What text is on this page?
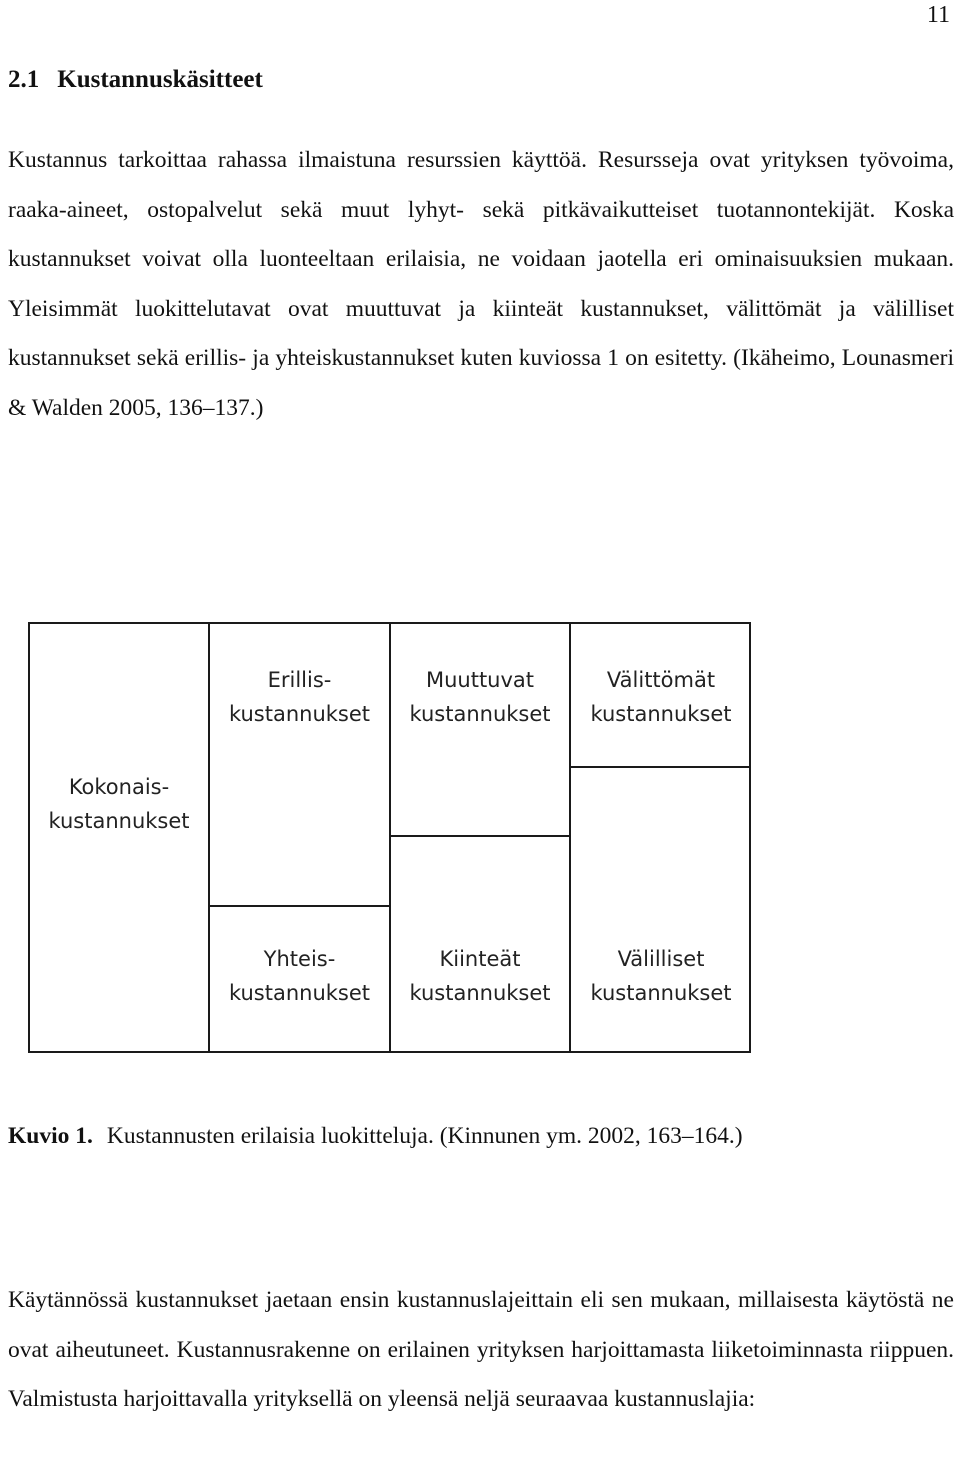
11
2.1 Kustannuskäsitteet

Kustannus tarkoittaa rahassa ilmaistuna resurssien käyttöä. Resursseja ovat yrityksen työvoima, raaka-aineet, ostopalvelut sekä muut lyhyt- sekä pitkävaikutteiset tuotannontekijät. Koska kustannukset voivat olla luonteeltaan erilaisia, ne voidaan jaotella eri ominaisuuksien mukaan. Yleisimmät luokittelutavat ovat muuttuvat ja kiinteät kustannukset, välittömät ja välilliset kustannukset sekä erillis- ja yhteiskustannukset kuten kuviossa 1 on esitetty. (Ikäheimo, Lounasmeri & Walden 2005, 136–137.)

Kokonais-
kustannukset
Erillis-
kustannukset
Yhteis-
kustannukset
Muuttuvat
kustannukset
Kiinteät
kustannukset
Välittömät
kustannukset
Välilliset
kustannukset
Kuvio 1. Kustannusten erilaisia luokitteluja. (Kinnunen ym. 2002, 163–164.)

Käytännössä kustannukset jaetaan ensin kustannuslajeittain eli sen mukaan, millaisesta käytöstä ne ovat aiheutuneet. Kustannusrakenne on erilainen yrityksen harjoittamasta liiketoiminnasta riippuen. Valmistusta harjoittavalla yrityksellä on yleensä neljä seuraavaa kustannuslajia:
